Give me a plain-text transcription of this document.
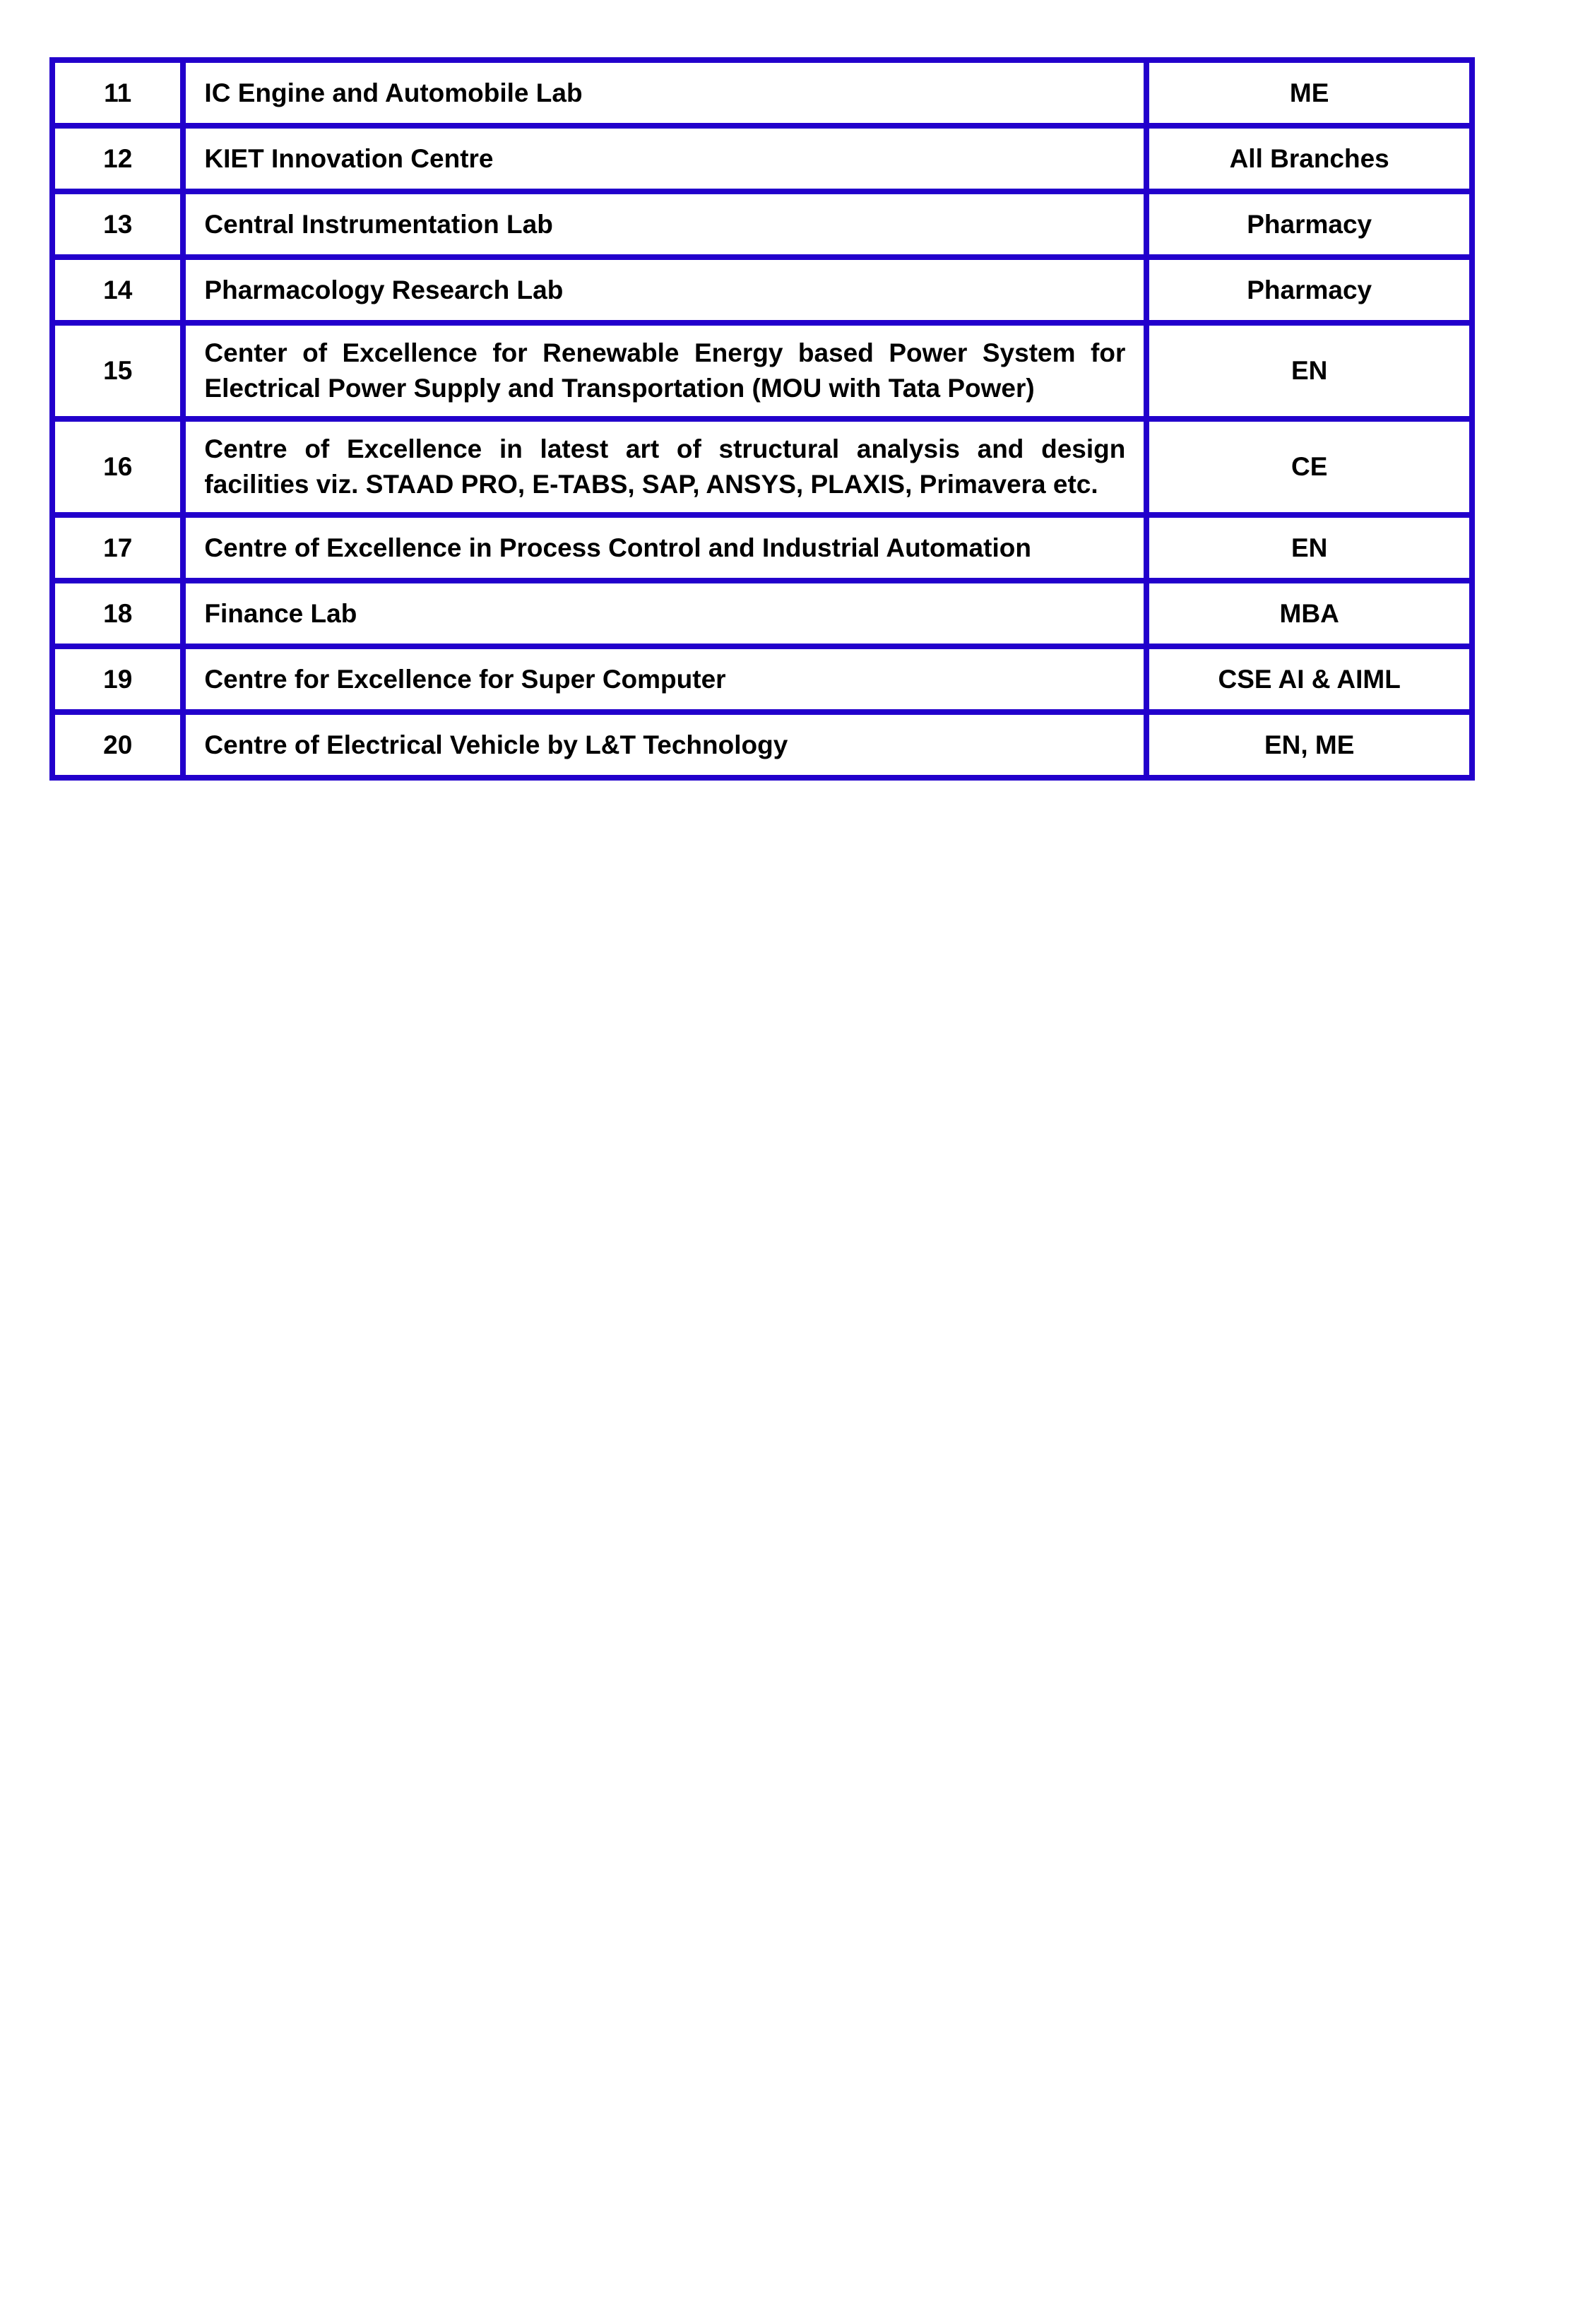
11	IC Engine and Automobile Lab	ME
12	KIET Innovation Centre	All Branches
13	Central Instrumentation Lab	Pharmacy
14	Pharmacology Research Lab	Pharmacy
15	Center of Excellence for Renewable Energy based Power System for Electrical Power Supply and Transportation (MOU with Tata Power)	EN
16	Centre of Excellence in latest art of structural analysis and design facilities viz. STAAD PRO, E-TABS, SAP, ANSYS, PLAXIS, Primavera etc.	CE
17	Centre of Excellence in Process Control and Industrial Automation	EN
18	Finance Lab	MBA
19	Centre for Excellence for Super Computer	CSE AI & AIML
20	Centre of Electrical Vehicle by L&T Technology	EN, ME
